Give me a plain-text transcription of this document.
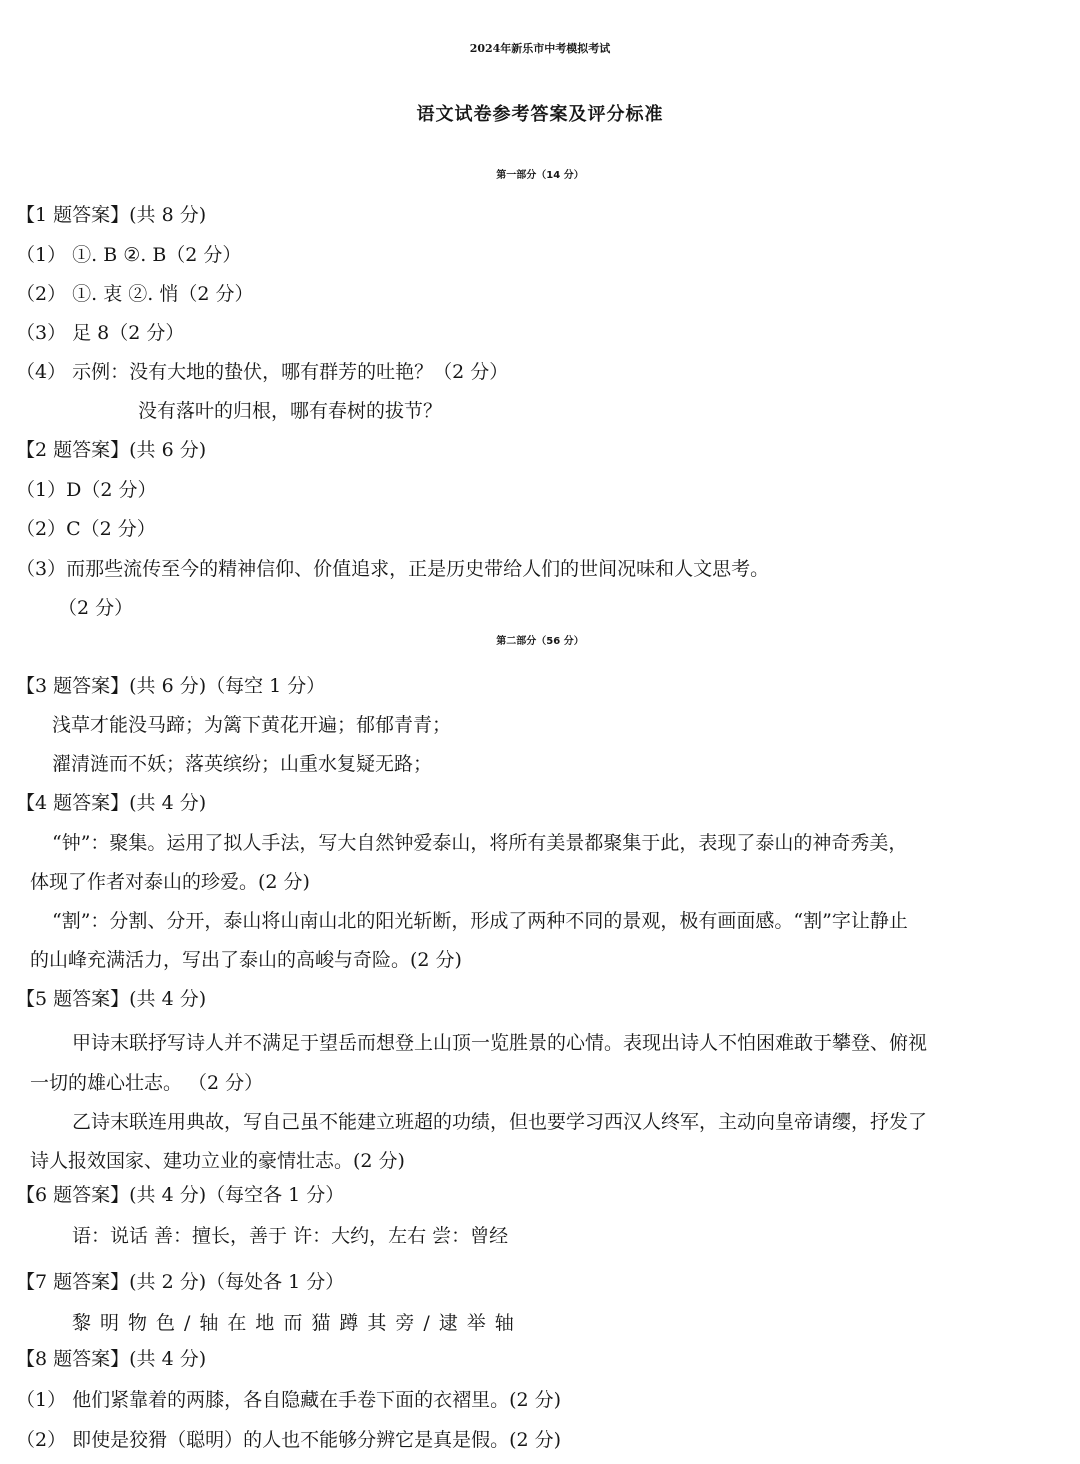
2024年新乐市中考模拟考试
语文试卷参考答案及评分标准
第一部分（14 分）
【1 题答案】(共 8 分)
（1） ①. B ②. B（2 分）
（2） ①. 衷 ②. 悄（2 分）
（3） 足 8（2 分）
（4） 示例：没有大地的蛰伏，哪有群芳的吐艳？（2 分）
没有落叶的归根，哪有春树的拔节？
【2 题答案】(共 6 分)
（1）D（2 分）
（2）C（2 分）
（3）而那些流传至今的精神信仰、价值追求，正是历史带给人们的世间况味和人文思考。
（2 分）
第二部分（56 分）
【3 题答案】(共 6 分)（每空 1 分）
浅草才能没马蹄；为篱下黄花开遍；郁郁青青；
濯清涟而不妖；落英缤纷；山重水复疑无路；
【4 题答案】(共 4 分)
“钟”：聚集。运用了拟人手法，写大自然钟爱泰山，将所有美景都聚集于此，表现了泰山的神奇秀美，
体现了作者对泰山的珍爱。(2 分)
“割”：分割、分开，泰山将山南山北的阳光斩断，形成了两种不同的景观，极有画面感。“割”字让静止
的山峰充满活力，写出了泰山的高峻与奇险。(2 分)
【5 题答案】(共 4 分)
甲诗末联抒写诗人并不满足于望岳而想登上山顶一览胜景的心情。表现出诗人不怕困难敢于攀登、俯视
一切的雄心壮志。 （2 分）
乙诗末联连用典故，写自己虽不能建立班超的功绩，但也要学习西汉人终军，主动向皇帝请缨，抒发了
诗人报效国家、建功立业的豪情壮志。(2 分)
【6 题答案】(共 4 分)（每空各 1 分）
语：说话 善：擅长，善于 许：大约，左右 尝：曾经
【7 题答案】(共 2 分)（每处各 1 分）
黎明物色/轴在地而猫蹲其旁/逮举轴
【8 题答案】(共 4 分)
（1） 他们紧靠着的两膝，各自隐藏在手卷下面的衣褶里。(2 分)
（2） 即使是狡猾（聪明）的人也不能够分辨它是真是假。(2 分)
